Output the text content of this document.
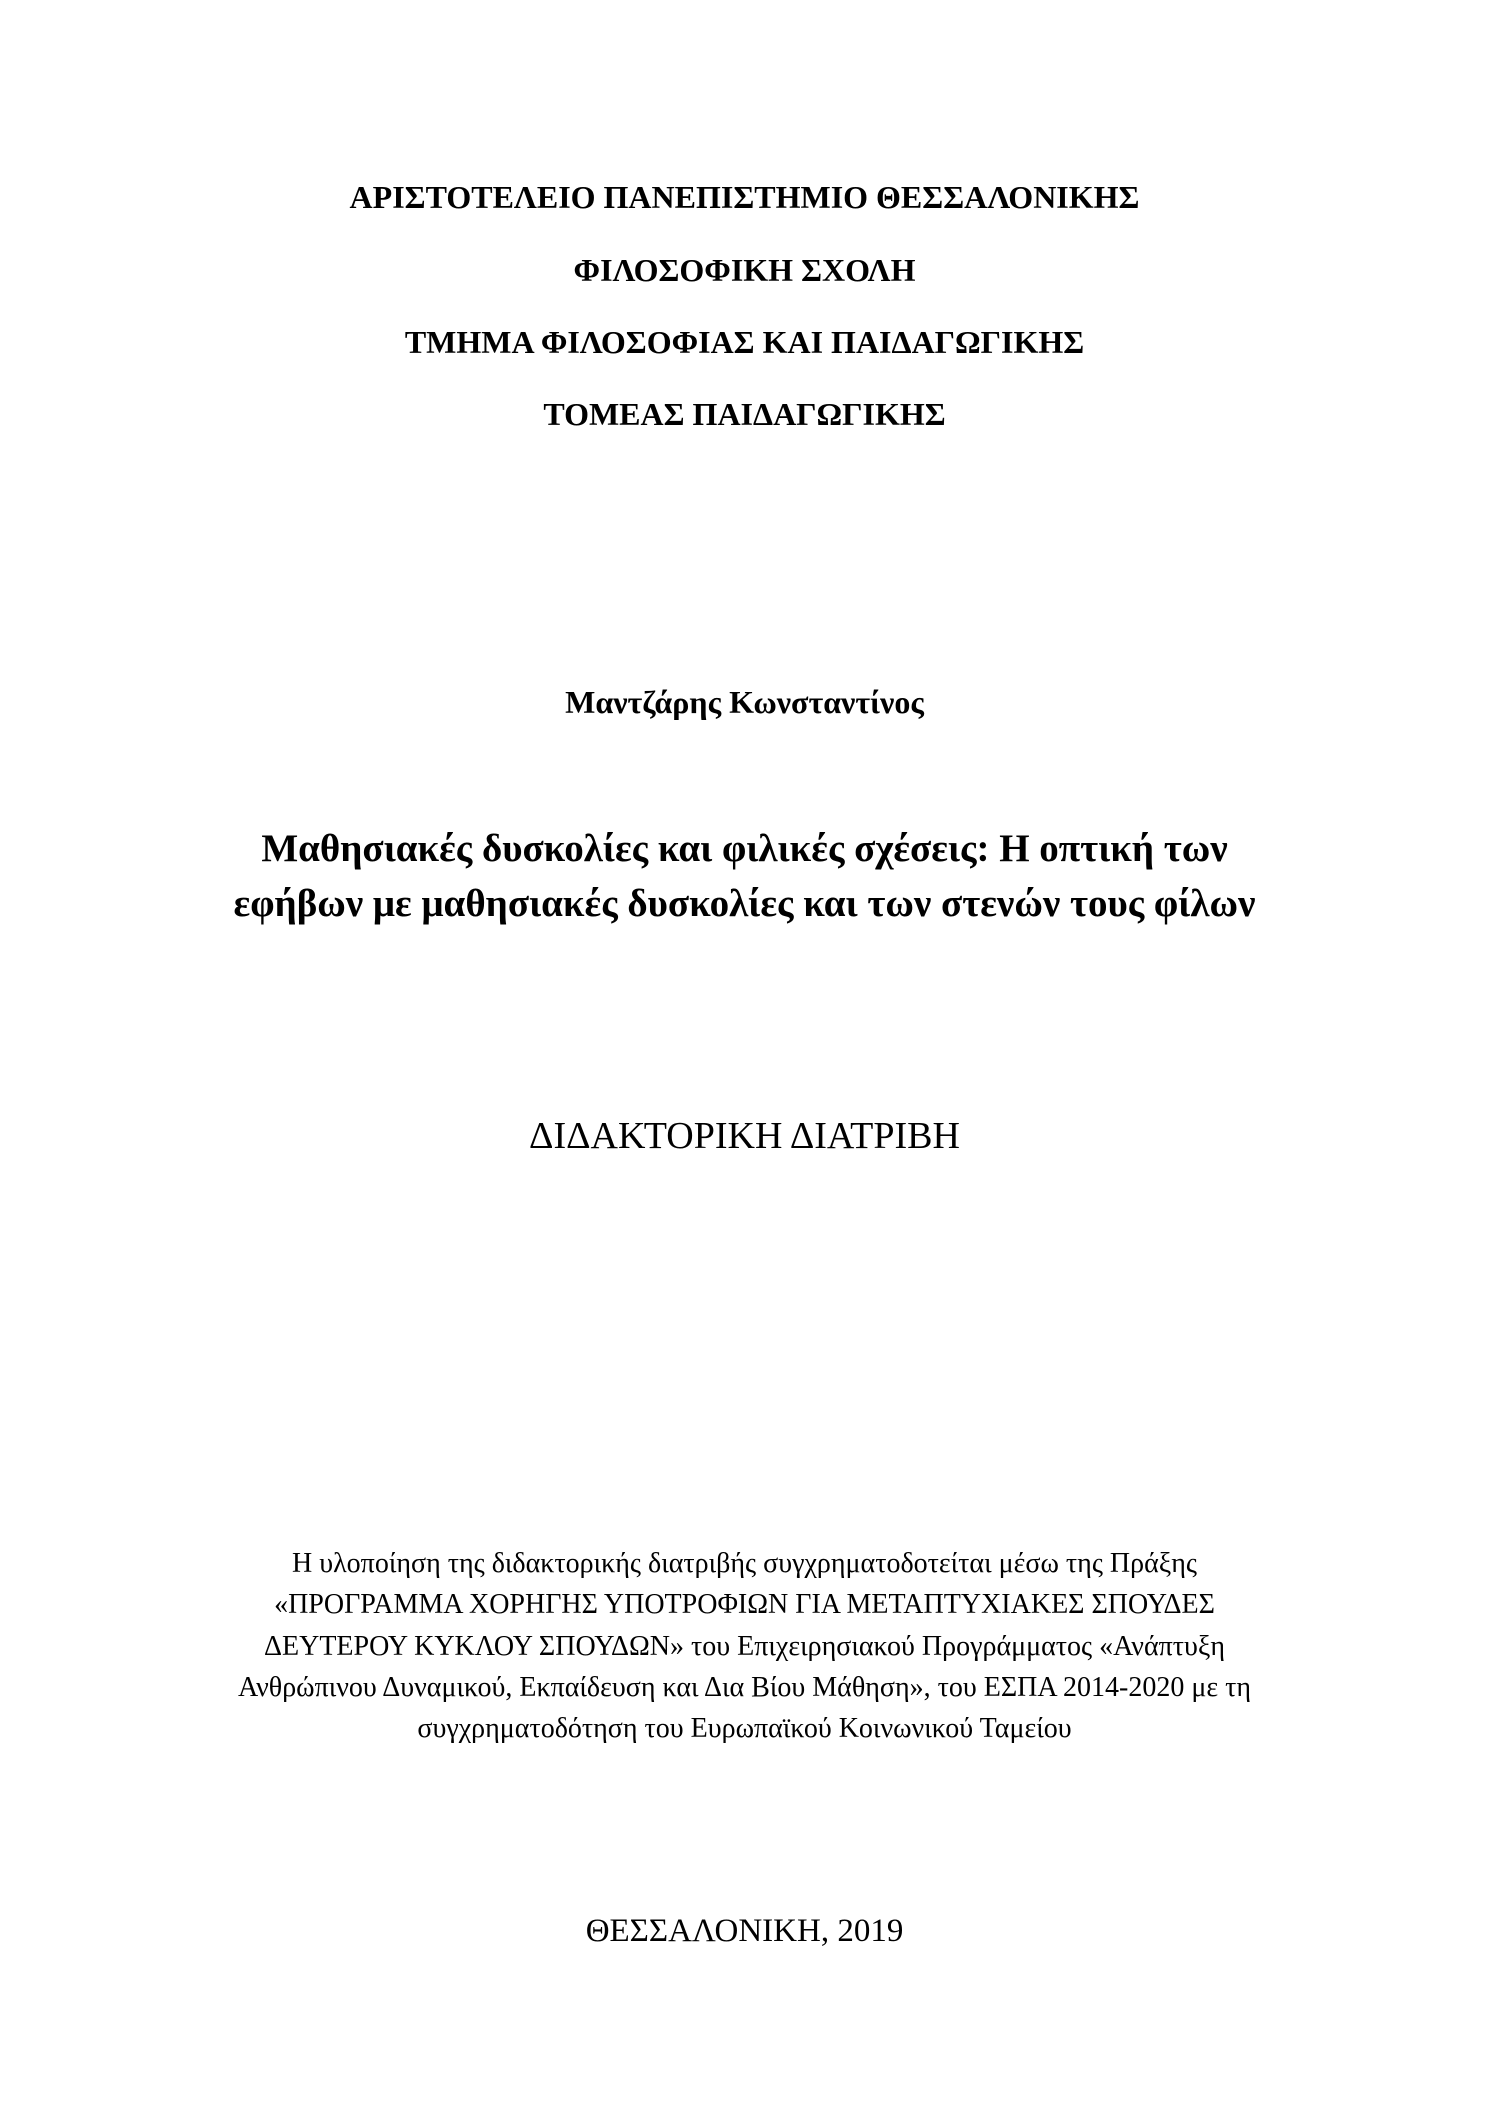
ΑΡΙΣΤΟΤΕΛΕΙΟ ΠΑΝΕΠΙΣΤΗΜΙΟ ΘΕΣΣΑΛΟΝΙΚΗΣ

ΦΙΛΟΣΟΦΙΚΗ ΣΧΟΛΗ

ΤΜΗΜΑ ΦΙΛΟΣΟΦΙΑΣ ΚΑΙ ΠΑΙΔΑΓΩΓΙΚΗΣ

ΤΟΜΕΑΣ ΠΑΙΔΑΓΩΓΙΚΗΣ

Μαντζάρης Κωνσταντίνος

Μαθησιακές δυσκολίες και φιλικές σχέσεις: Η οπτική των

εφήβων με μαθησιακές δυσκολίες και των στενών τους φίλων

ΔΙΔΑΚΤΟΡΙΚΗ ΔΙΑΤΡΙΒΗ

Η υλοποίηση της διδακτορικής διατριβής συγχρηματοδοτείται μέσω της Πράξης

«ΠΡΟΓΡΑΜΜΑ ΧΟΡΗΓΗΣ ΥΠΟΤΡΟΦΙΩΝ ΓΙΑ ΜΕΤΑΠΤΥΧΙΑΚΕΣ ΣΠΟΥΔΕΣ

ΔΕΥΤΕΡΟΥ ΚΥΚΛΟΥ ΣΠΟΥΔΩΝ» του Επιχειρησιακού Προγράμματος «Ανάπτυξη

Ανθρώπινου Δυναμικού, Εκπαίδευση και Δια Βίου Μάθηση», του ΕΣΠΑ 2014-2020 με τη

συγχρηματοδότηση του Ευρωπαϊκού Κοινωνικού Ταμείου

ΘΕΣΣΑΛΟΝΙΚΗ, 2019
